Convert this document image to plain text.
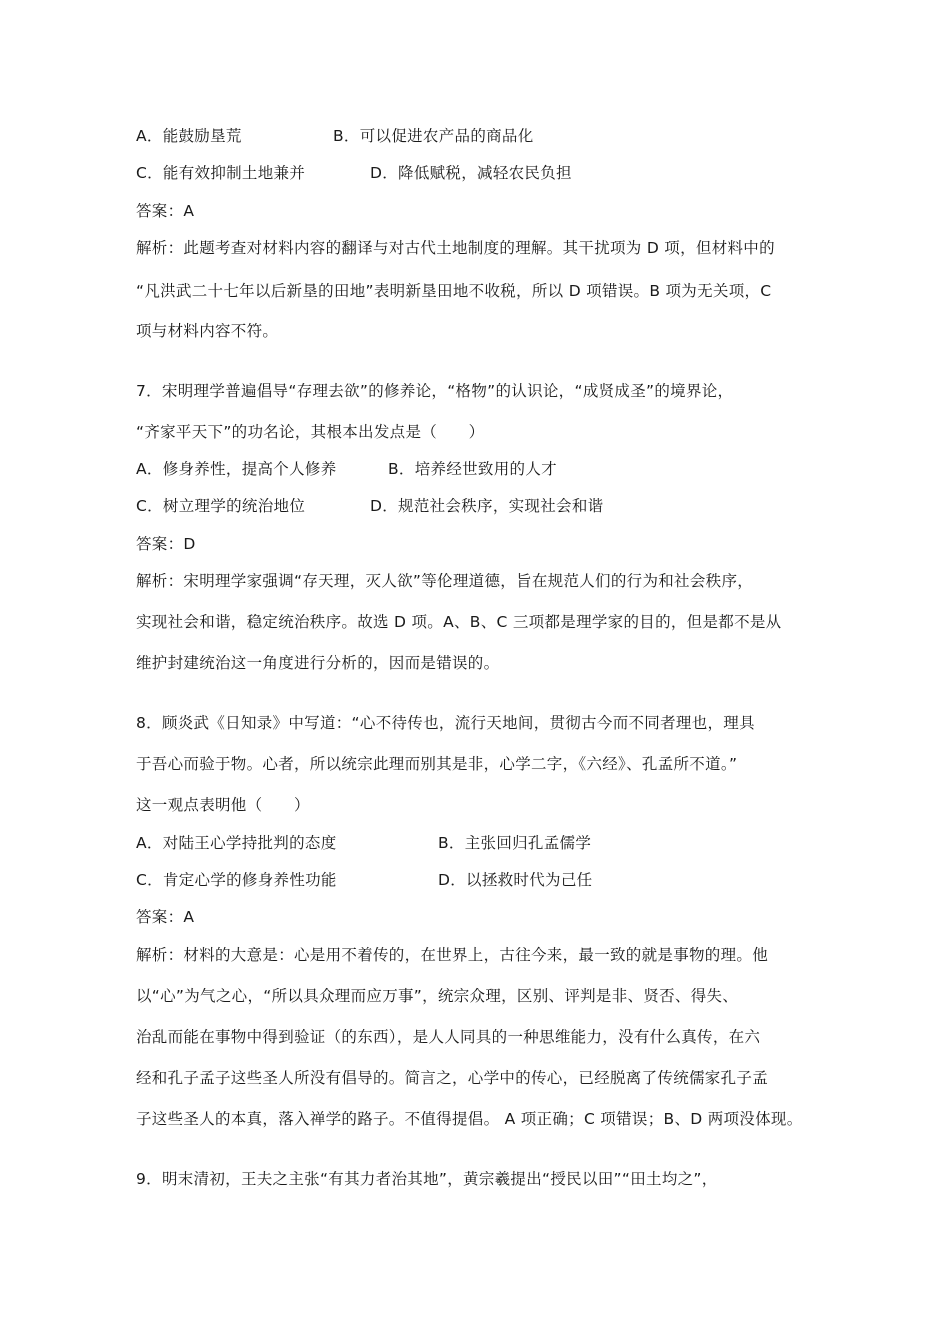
A．能鼓励垦荒	B．可以促进农产品的商品化
C．能有效抑制土地兼并	D．降低赋税，减轻农民负担
答案：A
解析：此题考查对材料内容的翻译与对古代土地制度的理解。其干扰项为 D 项，但材料中的
“凡洪武二十七年以后新垦的田地”表明新垦田地不收税，所以 D 项错误。B 项为无关项，C
项与材料内容不符。
7．宋明理学普遍倡导“存理去欲”的修养论，“格物”的认识论，“成贤成圣”的境界论，
“齐家平天下”的功名论，其根本出发点是（　　）
A．修身养性，提高个人修养	B．培养经世致用的人才
C．树立理学的统治地位	D．规范社会秩序，实现社会和谐
答案：D
解析：宋明理学家强调“存天理，灭人欲”等伦理道德，旨在规范人们的行为和社会秩序，
实现社会和谐，稳定统治秩序。故选 D 项。A、B、C 三项都是理学家的目的，但是都不是从
维护封建统治这一角度进行分析的，因而是错误的。
8．顾炎武《日知录》中写道：“心不待传也，流行天地间，贯彻古今而不同者理也，理具
于吾心而验于物。心者，所以统宗此理而别其是非，心学二字，《六经》、孔孟所不道。”
这一观点表明他（　　）
A．对陆王心学持批判的态度	B．主张回归孔孟儒学
C．肯定心学的修身养性功能	D．以拯救时代为己任
答案：A
解析：材料的大意是：心是用不着传的，在世界上，古往今来，最一致的就是事物的理。他
以“心”为气之心，“所以具众理而应万事”，统宗众理，区别、评判是非、贤否、得失、
治乱而能在事物中得到验证（的东西），是人人同具的一种思维能力，没有什么真传，在六
经和孔子孟子这些圣人所没有倡导的。简言之，心学中的传心，已经脱离了传统儒家孔子孟
子这些圣人的本真，落入禅学的路子。不值得提倡。 A 项正确；C 项错误；B、D 两项没体现。
9．明末清初，王夫之主张“有其力者治其地”，黄宗羲提出“授民以田”“田土均之”，
